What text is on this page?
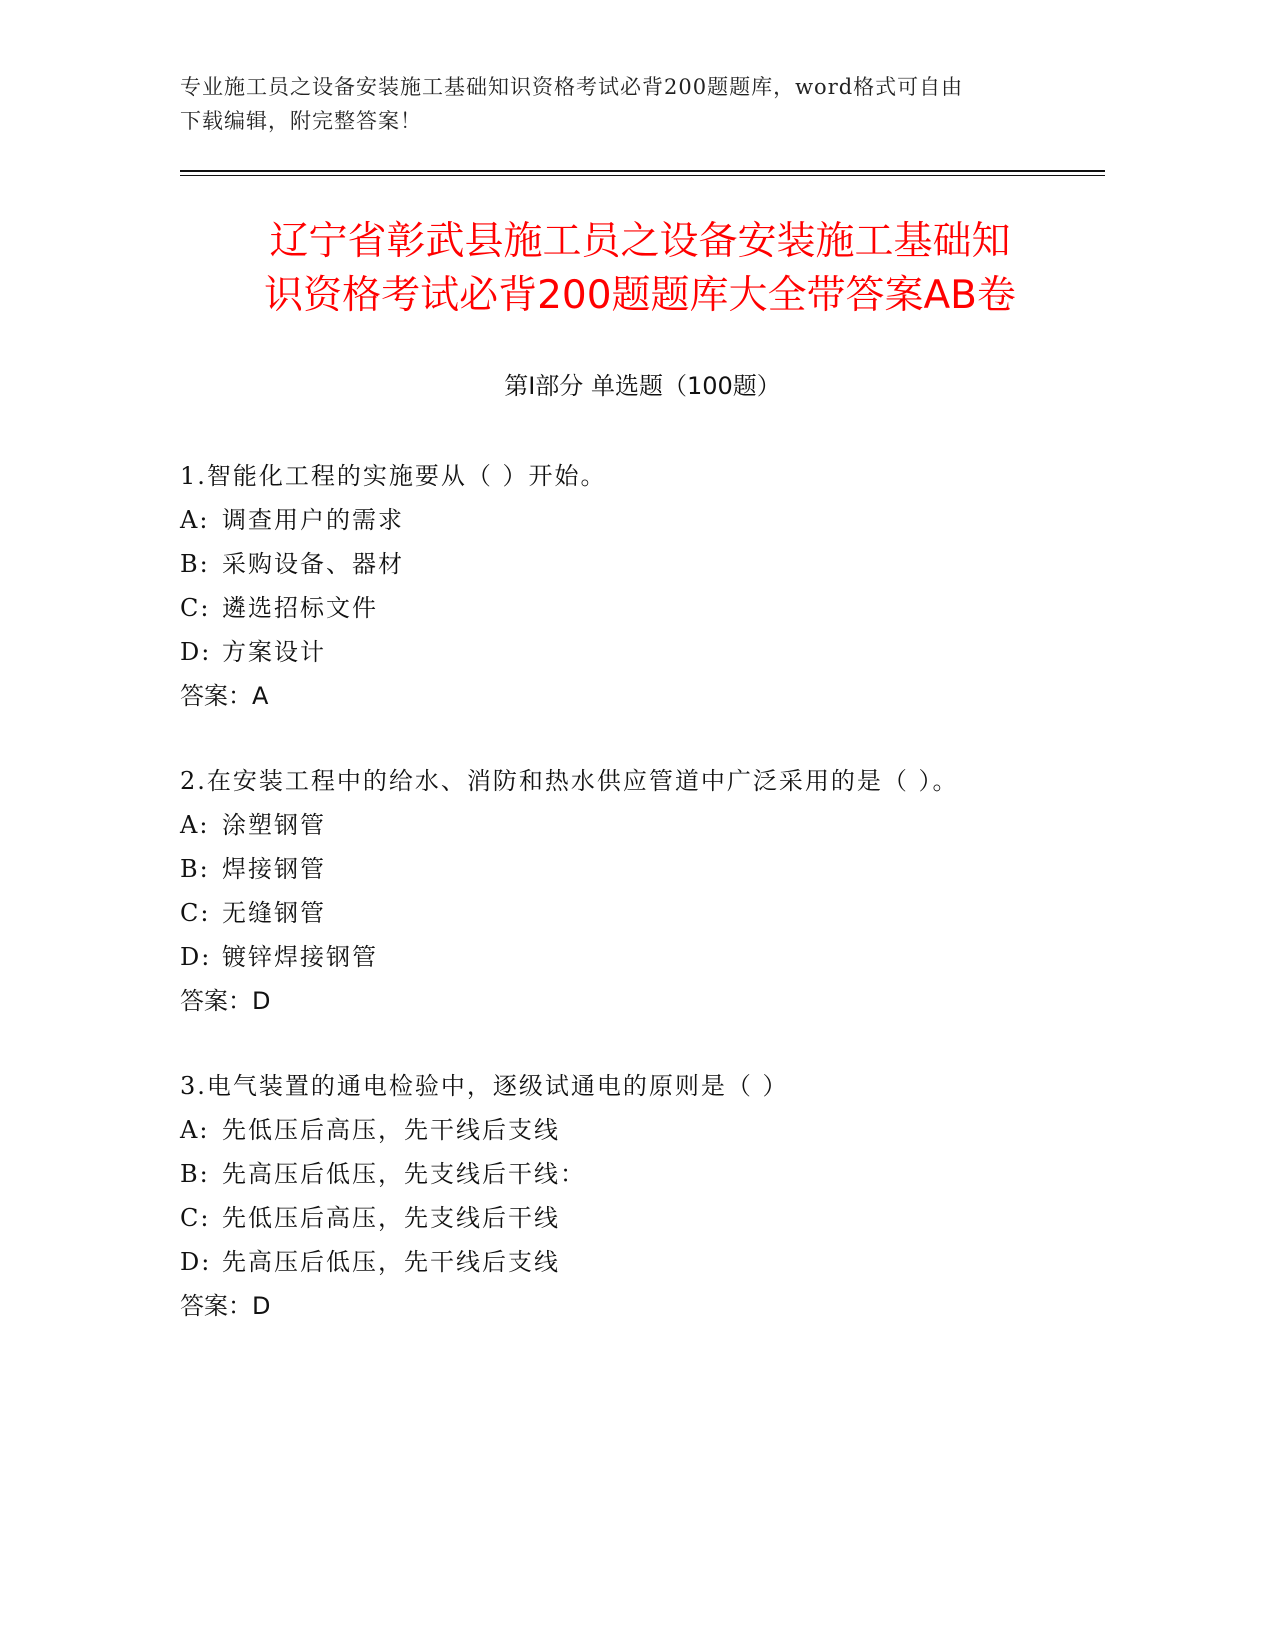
专业施工员之设备安装施工基础知识资格考试必背200题题库，word格式可自由
下载编辑，附完整答案！
辽宁省彰武县施工员之设备安装施工基础知
识资格考试必背200题题库大全带答案AB卷
第Ⅰ部分 单选题（100题）
1.智能化工程的实施要从（ ）开始。
A: 调查用户的需求
B: 采购设备、器材
C: 遴选招标文件
D: 方案设计
答案：A
2.在安装工程中的给水、消防和热水供应管道中广泛采用的是（ ）。
A: 涂塑钢管
B: 焊接钢管
C: 无缝钢管
D: 镀锌焊接钢管
答案：D
3.电气装置的通电检验中，逐级试通电的原则是（ ）
A: 先低压后高压，先干线后支线
B: 先高压后低压，先支线后干线：
C: 先低压后高压，先支线后干线
D: 先高压后低压，先干线后支线
答案：D
